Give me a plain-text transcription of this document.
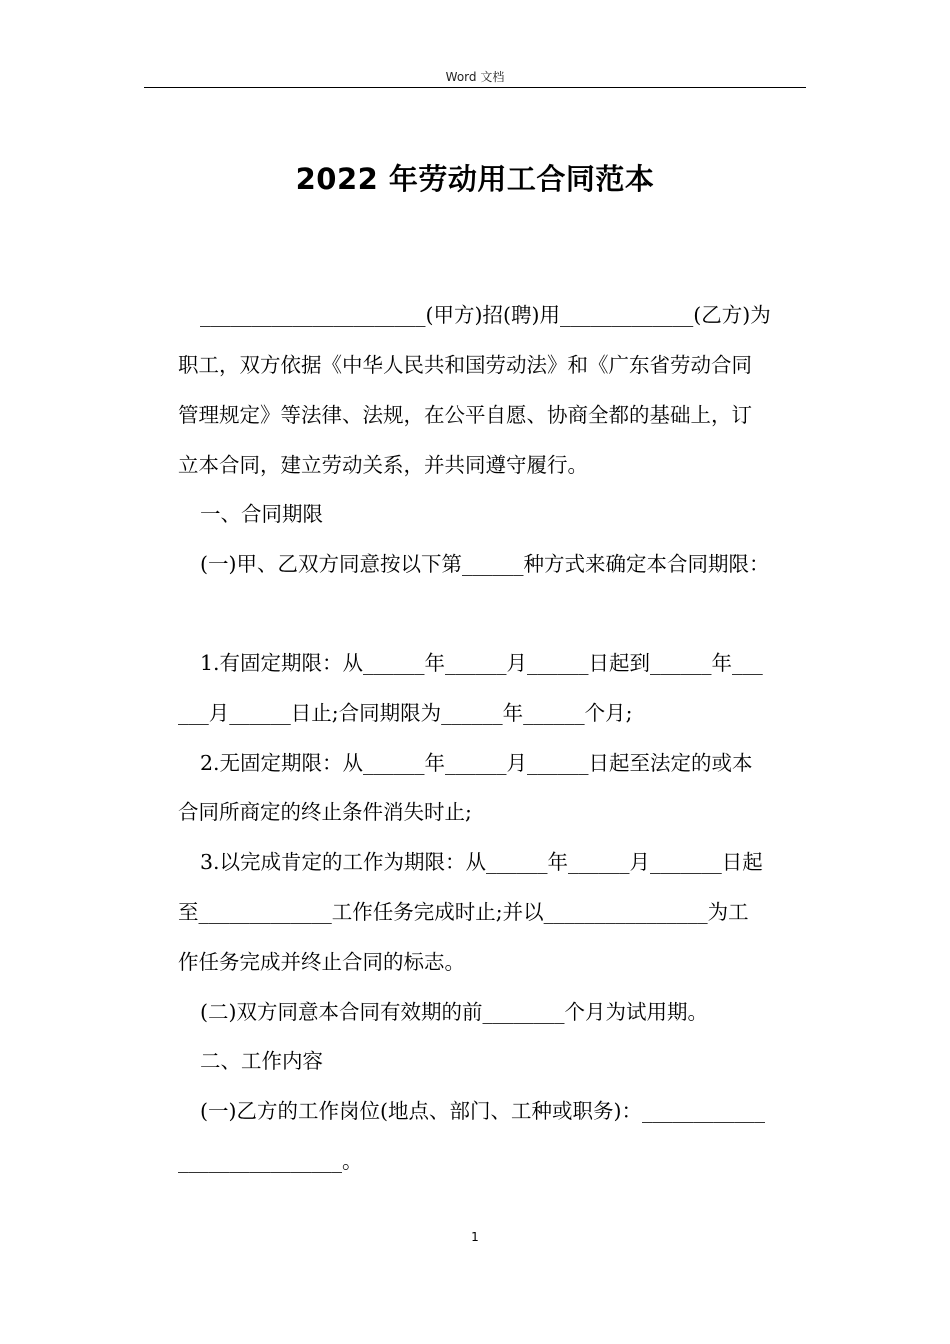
Word 文档
2022 年劳动用工合同范本
______________________(甲方)招(聘)用_____________(乙方)为
职工，双方依据《中华人民共和国劳动法》和《广东省劳动合同
管理规定》等法律、法规，在公平自愿、协商全都的基础上，订
立本合同，建立劳动关系，并共同遵守履行。
一、合同期限
(一)甲、乙双方同意按以下第______种方式来确定本合同期限：
1.有固定期限：从______年______月______日起到______年___
___月______日止;合同期限为______年______个月;
2.无固定期限：从______年______月______日起至法定的或本
合同所商定的终止条件消失时止;
3.以完成肯定的工作为期限：从______年______月_______日起
至_____________工作任务完成时止;并以________________为工
作任务完成并终止合同的标志。
(二)双方同意本合同有效期的前________个月为试用期。
二、工作内容
(一)乙方的工作岗位(地点、部门、工种或职务)：____________
________________。
1
